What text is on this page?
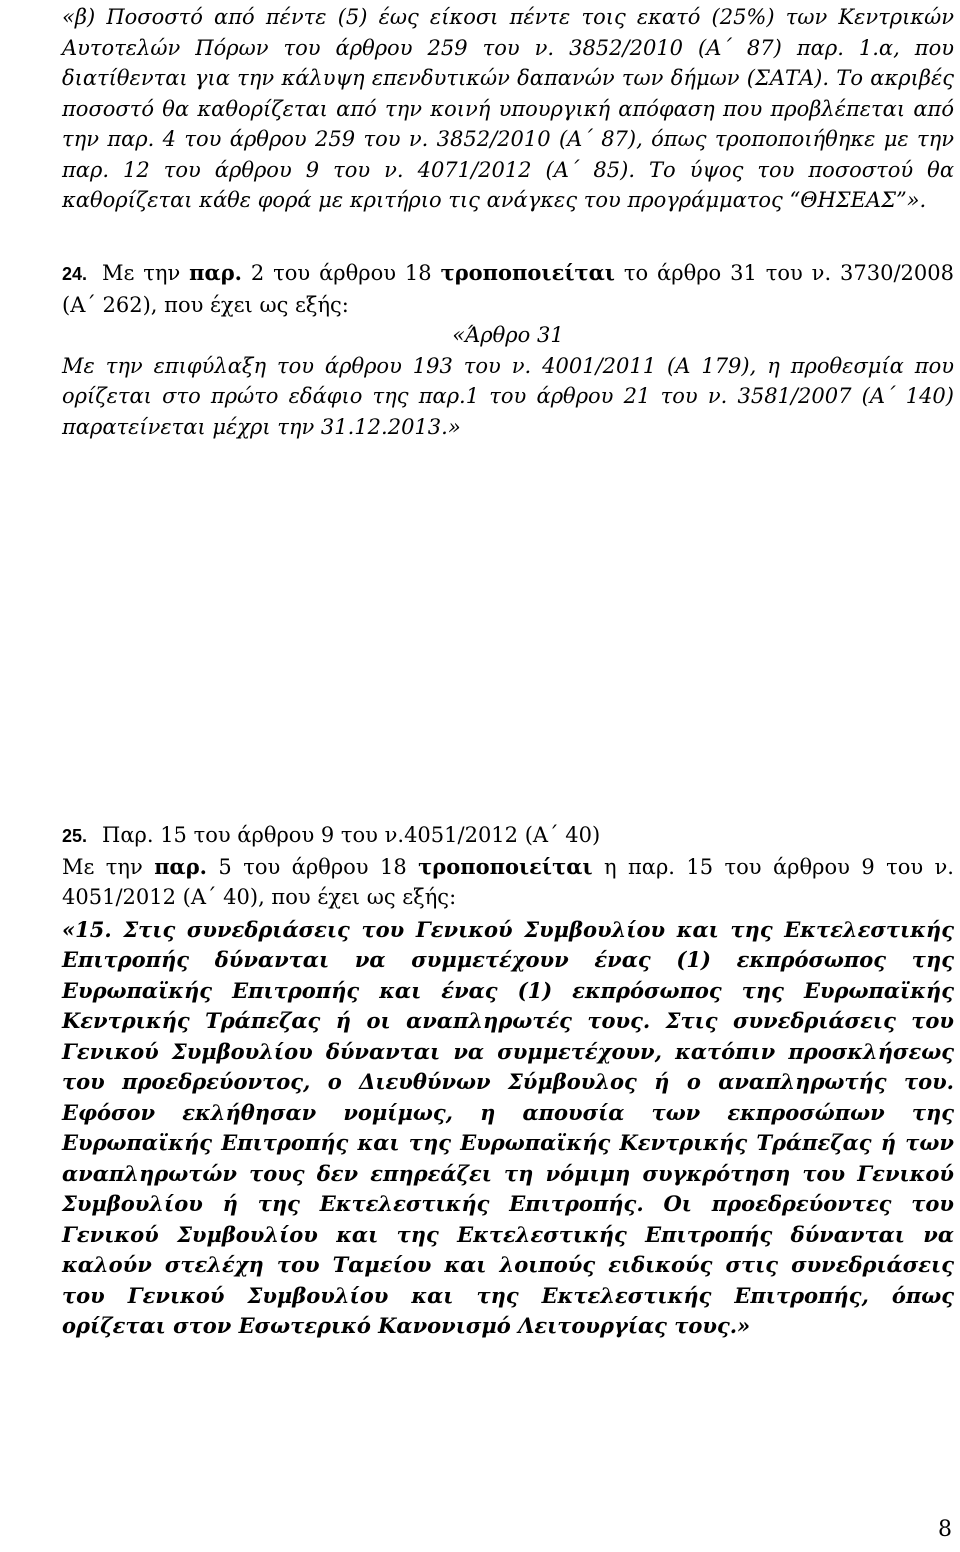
«β) Ποσοστό από πέντε (5) έως είκοσι πέντε τοις εκατό (25%) των Κεντρικών Αυτοτελών Πόρων του άρθρου 259 του ν. 3852/2010 (Α΄ 87) παρ. 1.α, που διατίθενται για την κάλυψη επενδυτικών δαπανών των δήμων (ΣΑΤΑ). Το ακριβές ποσοστό θα καθορίζεται από την κοινή υπουργική απόφαση που προβλέπεται από την παρ. 4 του άρθρου 259 του ν. 3852/2010 (Α΄ 87), όπως τροποποιήθηκε με την παρ. 12 του άρθρου 9 του ν. 4071/2012 (Α΄ 85). Το ύψος του ποσοστού θα καθορίζεται κάθε φορά με κριτήριο τις ανάγκες του προγράμματος “ΘΗΣΕΑΣ”».

24. Με την παρ. 2 του άρθρου 18 τροποποιείται το άρθρο 31 του ν. 3730/2008 (Α΄ 262), που έχει ως εξής:

«Άρθρο 31

Με την επιφύλαξη του άρθρου 193 του ν. 4001/2011 (Α 179), η προθεσμία που ορίζεται στο πρώτο εδάφιο της παρ.1 του άρθρου 21 του ν. 3581/2007 (Α΄ 140) παρατείνεται μέχρι την 31.12.2013.»

25. Παρ. 15 του άρθρου 9 του ν.4051/2012 (Α΄ 40)

Με την παρ. 5 του άρθρου 18 τροποποιείται η παρ. 15 του άρθρου 9 του ν. 4051/2012 (Α΄ 40), που έχει ως εξής:

«15. Στις συνεδριάσεις του Γενικού Συμβουλίου και της Εκτελεστικής Επιτροπής δύνανται να συμμετέχουν ένας (1) εκπρόσωπος της Ευρωπαϊκής Επιτροπής και ένας (1) εκπρόσωπος της Ευρωπαϊκής Κεντρικής Τράπεζας ή οι αναπληρωτές τους. Στις συνεδριάσεις του Γενικού Συμβουλίου δύνανται να συμμετέχουν, κατόπιν προσκλήσεως του προεδρεύοντος, ο Διευθύνων Σύμβουλος ή ο αναπληρωτής του. Εφόσον εκλήθησαν νομίμως, η απουσία των εκπροσώπων της Ευρωπαϊκής Επιτροπής και της Ευρωπαϊκής Κεντρικής Τράπεζας ή των αναπληρωτών τους δεν επηρεάζει τη νόμιμη συγκρότηση του Γενικού Συμβουλίου ή της Εκτελεστικής Επιτροπής. Οι προεδρεύοντες του Γενικού Συμβουλίου και της Εκτελεστικής Επιτροπής δύνανται να καλούν στελέχη του Ταμείου και λοιπούς ειδικούς στις συνεδριάσεις του Γενικού Συμβουλίου και της Εκτελεστικής Επιτροπής, όπως ορίζεται στον Εσωτερικό Κανονισμό Λειτουργίας τους.»

8
